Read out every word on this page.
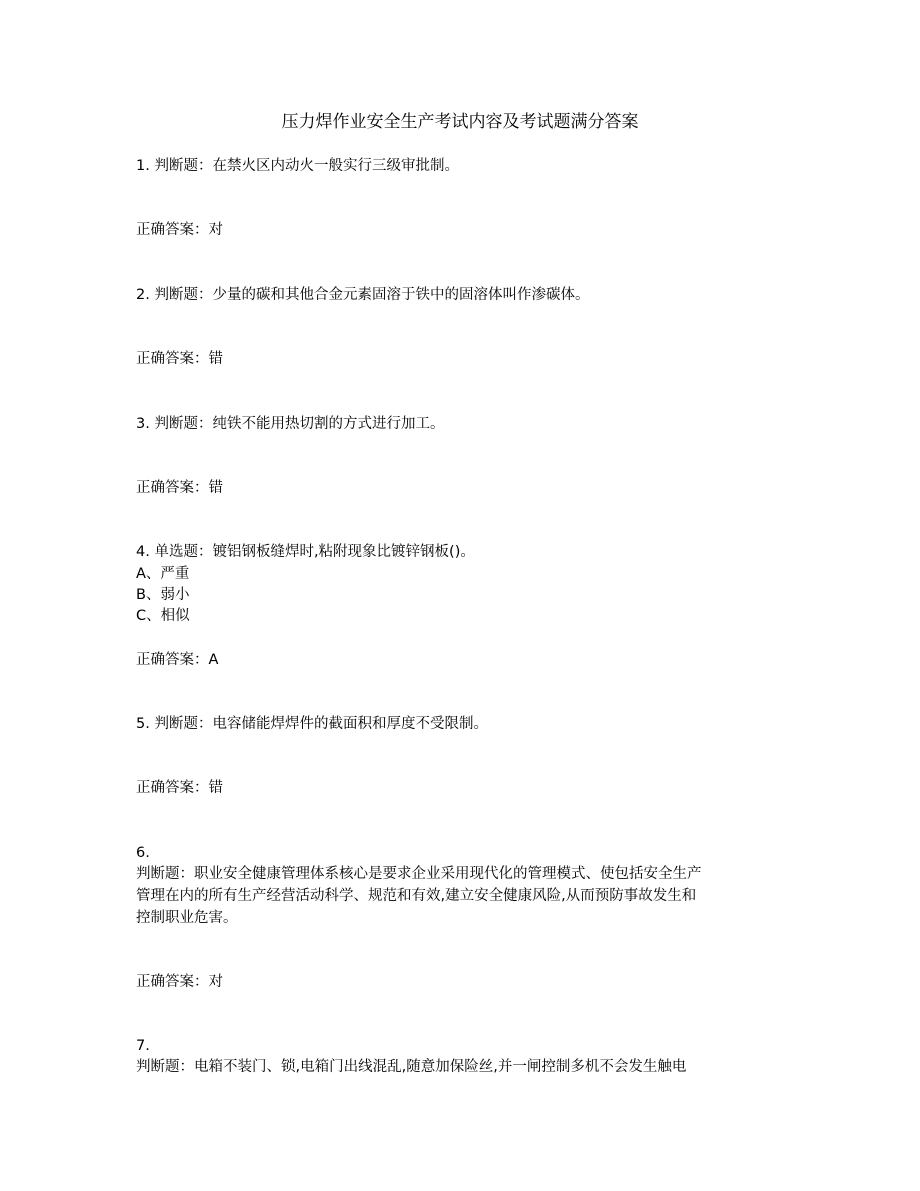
压力焊作业安全生产考试内容及考试题满分答案
1. 判断题：在禁火区内动火一般实行三级审批制。
正确答案：对
2. 判断题：少量的碳和其他合金元素固溶于铁中的固溶体叫作渗碳体。
正确答案：错
3. 判断题：纯铁不能用热切割的方式进行加工。
正确答案：错
4. 单选题：镀铝钢板缝焊时,粘附现象比镀锌钢板()。
A、严重
B、弱小
C、相似
正确答案：A
5. 判断题：电容储能焊焊件的截面积和厚度不受限制。
正确答案：错
6.
判断题：职业安全健康管理体系核心是要求企业采用现代化的管理模式、使包括安全生产
管理在内的所有生产经营活动科学、规范和有效,建立安全健康风险,从而预防事故发生和
控制职业危害。
正确答案：对
7.
判断题：电箱不装门、锁,电箱门出线混乱,随意加保险丝,并一闸控制多机不会发生触电
